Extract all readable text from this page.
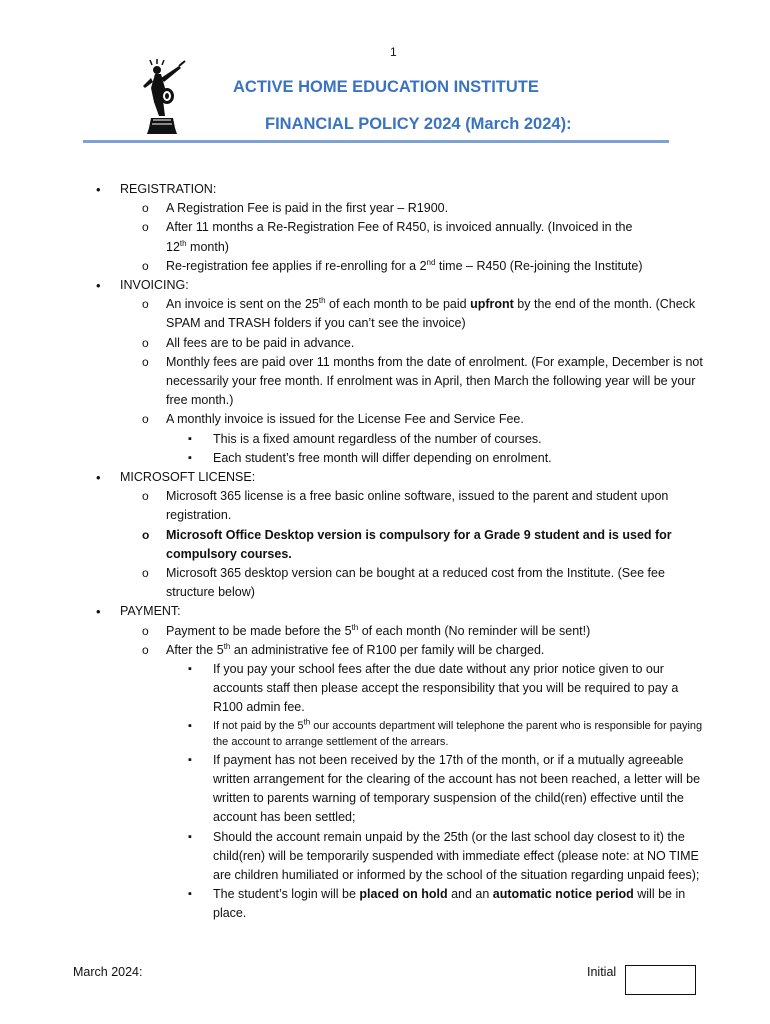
1
ACTIVE HOME EDUCATION INSTITUTE
FINANCIAL POLICY 2024 (March 2024):
• REGISTRATION:
o A Registration Fee is paid in the first year – R1900.
o After 11 months a Re-Registration Fee of R450, is invoiced annually. (Invoiced in the
12th month)
o Re-registration fee applies if re-enrolling for a 2nd time – R450 (Re-joining the Institute)
• INVOICING:
o An invoice is sent on the 25th of each month to be paid upfront by the end of the month. (Check SPAM and TRASH folders if you can’t see the invoice)
o All fees are to be paid in advance.
o Monthly fees are paid over 11 months from the date of enrolment. (For example, December is not necessarily your free month. If enrolment was in April, then March the following year will be your free month.)
o A monthly invoice is issued for the License Fee and Service Fee.
▪ This is a fixed amount regardless of the number of courses.
▪ Each student’s free month will differ depending on enrolment.
• MICROSOFT LICENSE:
o Microsoft 365 license is a free basic online software, issued to the parent and student upon registration.
o Microsoft Office Desktop version is compulsory for a Grade 9 student and is used for compulsory courses.
o Microsoft 365 desktop version can be bought at a reduced cost from the Institute. (See fee structure below)
• PAYMENT:
o Payment to be made before the 5th of each month (No reminder will be sent!)
o After the 5th an administrative fee of R100 per family will be charged.
▪ If you pay your school fees after the due date without any prior notice given to our accounts staff then please accept the responsibility that you will be required to pay a R100 admin fee.
▪ If not paid by the 5th our accounts department will telephone the parent who is responsible for paying the account to arrange settlement of the arrears.
▪ If payment has not been received by the 17th of the month, or if a mutually agreeable written arrangement for the clearing of the account has not been reached, a letter will be written to parents warning of temporary suspension of the child(ren) effective until the account has been settled;
▪ Should the account remain unpaid by the 25th (or the last school day closest to it) the child(ren) will be temporarily suspended with immediate effect (please note: at NO TIME are children humiliated or informed by the school of the situation regarding unpaid fees);
▪ The student’s login will be placed on hold and an automatic notice period will be in place.
March 2024:	Initial
